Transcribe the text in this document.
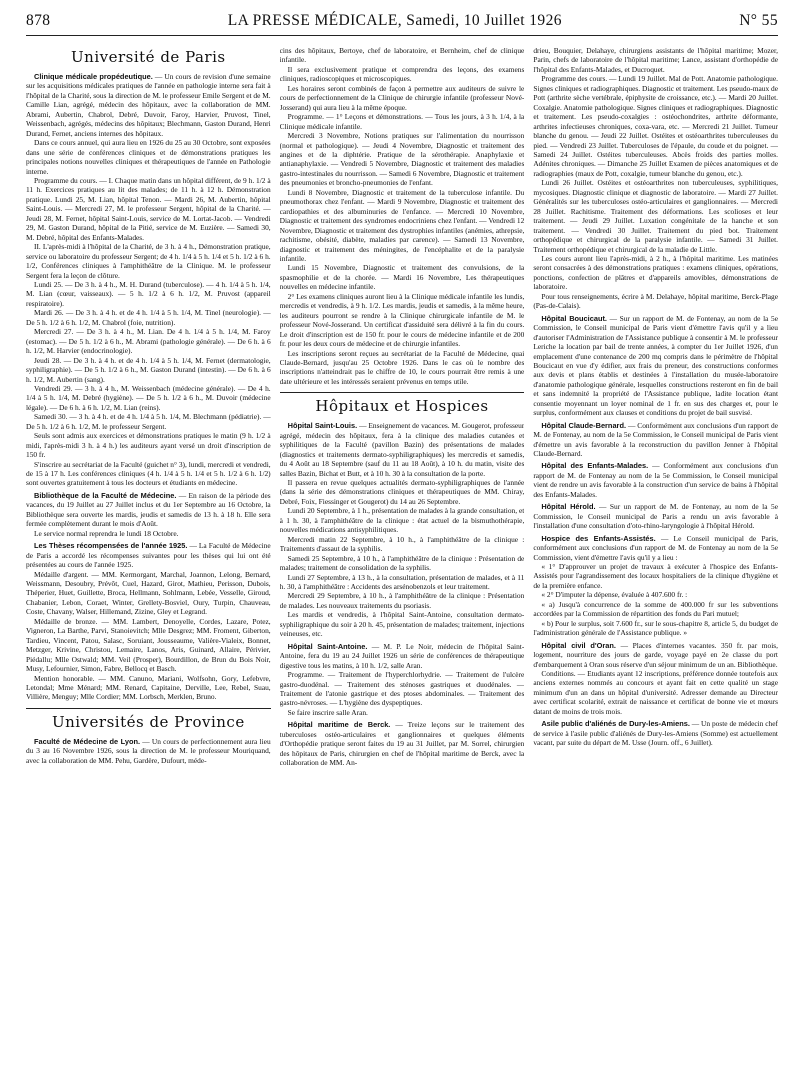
878	LA PRESSE MÉDICALE, Samedi, 10 Juillet 1926	N° 55
Université de Paris

Clinique médicale propédeutique. — Un cours de revision d'une semaine sur les acquisitions médicales pratiques de l'année en pathologie interne sera fait à l'hôpital de la Charité, sous la direction de M. le professeur Emile Sergent et de M. Camille Lian, agrégé, médecin des hôpitaux, avec la collaboration de MM. Abrami, Aubertin, Chabrol, Debré, Duvoir, Faroy, Harvier, Pruvost, Tinel, Weissenbach, agrégés, médecins des hôpitaux; Blechmann, Gaston Durand, Henri Durand, Fernet, anciens internes des hôpitaux.

Dans ce cours annuel, qui aura lieu en 1926 du 25 au 30 Octobre, sont exposées dans une série de conférences cliniques et de démonstrations pratiques les principales notions nouvelles cliniques et thérapeutiques de l'année en Pathologie interne.

Programme du cours. — I. Chaque matin dans un hôpital différent, de 9 h. 1/2 à 11 h. Exercices pratiques au lit des malades; de 11 h. à 12 h. Démonstration pratique. Lundi 25, M. Lian, hôpital Tenon. — Mardi 26, M. Aubertin, hôpital Saint-Louis. — Mercredi 27, M. le professeur Sergent, hôpital de la Charité. — Jeudi 28, M. Fernet, hôpital Saint-Louis, service de M. Lortat-Jacob. — Vendredi 29, M. Gaston Durand, hôpital de la Pitié, service de M. Euzière. — Samedi 30, M. Debré, hôpital des Enfants-Malades.

II. L'après-midi à l'hôpital de la Charité, de 3 h. à 4 h., Démonstration pratique, service ou laboratoire du professeur Sergent; de 4 h. 1/4 à 5 h. 1/4 et 5 h. 1/2 à 6 h. 1/2, Conférences cliniques à l'amphithéâtre de la Clinique. M. le professeur Sergent fera la leçon de clôture.

Lundi 25. — De 3 h. à 4 h., M. H. Durand (tuberculose). — 4 h. 1/4 à 5 h. 1/4, M. Lian (cœur, vaisseaux). — 5 h. 1/2 à 6 h. 1/2, M. Pruvost (appareil respiratoire).

Mardi 26. — De 3 h. à 4 h. et de 4 h. 1/4 à 5 h. 1/4, M. Tinel (neurologie). — De 5 h. 1/2 à 6 h. 1/2, M. Chabrol (foie, nutrition).

Mercredi 27. — De 3 h. à 4 h., M. Lian. De 4 h. 1/4 à 5 h. 1/4, M. Faroy (estomac). — De 5 h. 1/2 à 6 h., M. Abrami (pathologie générale). — De 6 h. à 6 h. 1/2, M. Harvier (endocrinologie).

Jeudi 28. — De 3 h. à 4 h. et de 4 h. 1/4 à 5 h. 1/4, M. Fernet (dermatologie, syphiligraphie). — De 5 h. 1/2 à 6 h., M. Gaston Durand (intestin). — De 6 h. à 6 h. 1/2, M. Aubertin (sang).

Vendredi 29. — 3 h. à 4 h., M. Weissenbach (médecine générale). — De 4 h. 1/4 à 5 h. 1/4, M. Debré (hygiène). — De 5 h. 1/2 à 6 h., M. Duvoir (médecine légale). — De 6 h. à 6 h. 1/2, M. Lian (reins).

Samedi 30. — 3 h. à 4 h. et de 4 h. 1/4 à 5 h. 1/4, M. Blechmann (pédiatrie). — De 5 h. 1/2 à 6 h. 1/2, M. le professeur Sergent.

Seuls sont admis aux exercices et démonstrations pratiques le matin (9 h. 1/2 à midi, l'après-midi 3 h. à 4 h.) les auditeurs ayant versé un droit d'inscription de 150 fr.

S'inscrire au secrétariat de la Faculté (guichet n° 3), lundi, mercredi et vendredi, de 15 à 17 h. Les conférences cliniques (4 h. 1/4 à 5 h. 1/4 et 5 h. 1/2 à 6 h. 1/2) sont ouvertes gratuitement à tous les docteurs et étudiants en médecine.

Bibliothèque de la Faculté de Médecine. — En raison de la période des vacances, du 19 Juillet au 27 Juillet inclus et du 1er Septembre au 16 Octobre, la Bibliothèque sera ouverte les mardis, jeudis et samedis de 13 h. à 18 h. Elle sera fermée complètement durant le mois d'Août.

Le service normal reprendra le lundi 18 Octobre.

Les Thèses récompensées de l'année 1925. — La Faculté de Médecine de Paris a accordé les récompenses suivantes pour les thèses qui lui ont été présentées au cours de l'année 1925.

Médaille d'argent. — MM. Kermorgant, Marchal, Joannon, Lelong, Bernard, Weissmann, Desoubry, Prévôt, Cuel, Hazard, Girot, Mathieu, Perisson, Dubois, Théperier, Huet, Guillette, Broca, Hellmann, Sohlmann, Lebée, Vesselle, Giroud, Chabanier, Lebon, Coraet, Winter, Grellety-Bosviel, Oury, Turpin, Chauveau, Coste, Chavany, Walser, Hillemand, Zizine, Gley et Legrand.

Médaille de bronze. — MM. Lambert, Denoyelle, Cordes, Lazare, Potez, Vigneron, La Barthe, Parvi, Stanoievitch; Mlle Desgrez; MM. Froment, Giberton, Tardieu, Vincent, Patou, Salasc, Soruiant, Jousseaume, Valière-Vialeix, Bonnet, Metzger, Krivine, Christou, Lemaire, Lanos, Aris, Guinard, Allaire, Périvier, Piédallu; Mlle Ostwald; MM. Veil (Prosper), Bourdillon, de Brun du Bois Noir, Musy, Lefournier, Simon, Fabre, Bellocq et Basch.

Mention honorable. — MM. Canuno, Mariani, Wolfsohn, Gory, Lefebvre, Letondal; Mme Ménard; MM. Renard, Capitaine, Derville, Lee, Rebel, Suau, Villière, Menguy; Mlle Cordier; MM. Lorbsch, Merklen, Bruno.

Universités de Province

Faculté de Médecine de Lyon. — Un cours de perfectionnement aura lieu du 3 au 16 Novembre 1926, sous la direction de M. le professeur Mouriquand, avec la collaboration de MM. Pehu, Gardère, Dufourt, méde-

cins des hôpitaux, Bertoye, chef de laboratoire, et Bernheim, chef de clinique infantile.

Il sera exclusivement pratique et comprendra des leçons, des examens cliniques, radioscopiques et microscopiques.

Les horaires seront combinés de façon à permettre aux auditeurs de suivre le cours de perfectionnement de la Clinique de chirurgie infantile (professeur Nové-Josserand) qui aura lieu à la même époque.

Programme. — 1° Leçons et démonstrations. — Tous les jours, à 3 h. 1/4, à la Clinique médicale infantile.

Mercredi 3 Novembre, Notions pratiques sur l'alimentation du nourrisson (normal et pathologique). — Jeudi 4 Novembre, Diagnostic et traitement des angines et de la diphtérie. Pratique de la sérothérapie. Anaphylaxie et antianaphylaxie. — Vendredi 5 Novembre, Diagnostic et traitement des maladies gastro-intestinales du nourrisson. — Samedi 6 Novembre, Diagnostic et traitement des pneumonies et broncho-pneumonies de l'enfant.

Lundi 8 Novembre, Diagnostic et traitement de la tuberculose infantile. Du pneumothorax chez l'enfant. — Mardi 9 Novembre, Diagnostic et traitement des cardiopathies et des albuminuries de l'enfance. — Mercredi 10 Novembre, Diagnostic et traitement des syndromes endocriniens chez l'enfant. — Vendredi 12 Novembre, Diagnostic et traitement des dystrophies infantiles (anémies, athrepsie, rachitisme, obésité, diabète, maladies par carence). — Samedi 13 Novembre, diagnostic et traitement des méningites, de l'encéphalite et de la paralysie infantile.

Lundi 15 Novembre, Diagnostic et traitement des convulsions, de la spasmophilie et de la chorée. — Mardi 16 Novembre, Les thérapeutiques nouvelles en médecine infantile.

2° Les examens cliniques auront lieu à la Clinique médicale infantile les lundis, mercredis et vendredis, à 9 h. 1/2. Les mardis, jeudis et samedis, à la même heure, les auditeurs pourront se rendre à la Clinique chirurgicale infantile de M. le professeur Nové-Josserand. Un certificat d'assiduité sera délivré à la fin du cours. Le droit d'inscription est de 150 fr. pour le cours de médecine infantile et de 200 fr. pour les deux cours de médecine et de chirurgie infantiles.

Les inscriptions seront reçues au secrétariat de la Faculté de Médecine, quai Claude-Bernard, jusqu'au 25 Octobre 1926. Dans le cas où le nombre des inscriptions n'atteindrait pas le chiffre de 10, le cours pourrait être remis à une date ultérieure et les intéressés seraient prévenus en temps utile.

Hôpitaux et Hospices

Hôpital Saint-Louis. — Enseignement de vacances. M. Gougerot, professeur agrégé, médecin des hôpitaux, fera à la clinique des maladies cutanées et syphilitiques de la Faculté (pavillon Bazin) des présentations de malades (diagnostics et traitements dermato-syphiligraphiques) les mercredis et samedis, du 4 Août au 18 Septembre (sauf du 11 au 18 Août), à 10 h. du matin, visite des salles Bazin, Bichat et Butt, et à 10 h. 30 à la consultation de la porte.

Il passera en revue quelques actualités dermato-syphiligraphiques de l'année (dans la série des démonstrations cliniques et thérapeutiques de MM. Chiray, Debré, Foix, Fiessinger et Gougerot) du 14 au 26 Septembre.

Lundi 20 Septembre, à 1 h., présentation de malades à la grande consultation, et à 1 h. 30, à l'amphithéâtre de la clinique : état actuel de la bismuthothérapie, nouvelles médications antisyphilitiques.

Mercredi matin 22 Septembre, à 10 h., à l'amphithéâtre de la clinique : Traitements d'assaut de la syphilis.

Samedi 25 Septembre, à 10 h., à l'amphithéâtre de la clinique : Présentation de malades; traitement de consolidation de la syphilis.

Lundi 27 Septembre, à 13 h., à la consultation, présentation de malades, et à 11 h. 30, à l'amphithéâtre : Accidents des arsénobenzols et leur traitement.

Mercredi 29 Septembre, à 10 h., à l'amphithéâtre de la clinique : Présentation de malades. Les nouveaux traitements du psoriasis.

Les mardis et vendredis, à l'hôpital Saint-Antoine, consultation dermato-syphiligraphique du soir à 20 h. 45, présentation de malades; traitement, injections veineuses, etc.

Hôpital Saint-Antoine. — M. P. Le Noir, médecin de l'hôpital Saint-Antoine, fera du 19 au 24 Juillet 1926 un série de conférences de thérapeutique digestive tous les matins, à 10 h. 1/2, salle Aran.

Programme. — Traitement de l'hyperchlorhydrie. — Traitement de l'ulcère gastro-duodénal. — Traitement des sténoses gastriques et duodénales. — Traitement de l'atonie gastrique et des ptoses abdominales. — Traitement des gastro-névroses. — L'hygiène des dyspeptiques.

Se faire inscrire salle Aran.

Hôpital maritime de Berck. — Treize leçons sur le traitement des tuberculoses ostéo-articulaires et ganglionnaires et quelques éléments d'Orthopédie pratique seront faites du 19 au 31 Juillet, par M. Sorrel, chirurgien des hôpitaux de Paris, chirurgien en chef de l'hôpital maritime de Berck, avec la collaboration de MM. An-

drieu, Bouquier, Delahaye, chirurgiens assistants de l'hôpital maritime; Mozer, Parin, chefs de laboratoire de l'hôpital maritime; Lance, assistant d'orthopédie de l'hôpital des Enfants-Malades, et Ducroquet.

Programme des cours. — Lundi 19 Juillet. Mal de Pott. Anatomie pathologique. Signes cliniques et radiographiques. Diagnostic et traitement. Les pseudo-maux de Pott (arthrite sèche vertébrale, épiphysite de croissance, etc.). — Mardi 20 Juillet. Coxalgie. Anatomie pathologique. Signes cliniques et radiographiques. Diagnostic et traitement. Les pseudo-coxalgies : ostéochondrites, arthrite déformante, arthrites infectieuses chroniques, coxa-vara, etc. — Mercredi 21 Juillet. Tumeur blanche du genou. — Jeudi 22 Juillet. Ostéites et ostéoarthrites tuberculeuses du pied. — Vendredi 23 Juillet. Tuberculoses de l'épaule, du coude et du poignet. — Samedi 24 Juillet. Ostéites tuberculeuses. Abcès froids des parties molles. Adénites chroniques. — Dimanche 25 Juillet Examen de pièces anatomiques et de radiographies (maux de Pott, coxalgie, tumeur blanche du genou, etc.).

Lundi 26 Juillet. Ostéites et ostéoarthrites non tuberculeuses, syphilitiques, mycosiques. Diagnostic clinique et diagnostic de laboratoire. — Mardi 27 Juillet. Généralités sur les tuberculoses ostéo-articulaires et ganglionnaires. — Mercredi 28 Juillet. Rachitisme. Traitement des déformations. Les scolioses et leur traitement. — Jeudi 29 Juillet. Luxation congénitale de la hanche et son traitement. — Vendredi 30 Juillet. Traitement du pied bot. Traitement orthopédique et chirurgical de la paralysie infantile. — Samedi 31 Juillet. Traitement orthopédique et chirurgical de la maladie de Little.

Les cours auront lieu l'après-midi, à 2 h., à l'hôpital maritime. Les matinées seront consacrées à des démonstrations pratiques : examens cliniques, opérations, ponctions, confection de plâtres et d'appareils amovibles, démonstrations de laboratoire.

Pour tous renseignements, écrire à M. Delahaye, hôpital maritime, Berck-Plage (Pas-de-Calais).

Hôpital Boucicaut. — Sur un rapport de M. de Fontenay, au nom de la 5e Commission, le Conseil municipal de Paris vient d'émettre l'avis qu'il y a lieu d'autoriser l'Administration de l'Assistance publique à consentir à M. le professeur Leriche la location par bail de trente années, à compter du 1er Juillet 1926, d'un emplacement d'une contenance de 200 mq compris dans le périmètre de l'hôpital Boucicaut en vue d'y édifier, aux frais du preneur, des constructions conformes aux devis et plans établis et destinées à l'installation du musée-laboratoire d'anatomie pathologique générale, lesquelles constructions resteront en fin de bail et sans indemnité la propriété de l'Assistance publique, ladite location étant consentie moyennant un loyer nominal de 1 fr. en sus des charges et, pour le surplus, conformément aux clauses et conditions du projet de bail susvisé.

Hôpital Claude-Bernard. — Conformément aux conclusions d'un rapport de M. de Fontenay, au nom de la 5e Commission, le Conseil municipal de Paris vient d'émettre un avis favorable à la reconstruction du pavillon Jenner à l'hôpital Claude-Bernard.

Hôpital des Enfants-Malades. — Conformément aux conclusions d'un rapport de M. de Fontenay au nom de la 5e Commission, le Conseil municipal vient de rendre un avis favorable à la construction d'un service de bains à l'hôpital des Enfants-Malades.

Hôpital Hérold. — Sur un rapport de M. de Fontenay, au nom de la 5e Commission, le Conseil municipal de Paris a rendu un avis favorable à l'installation d'une consultation d'oto-rhino-laryngologie à l'hôpital Hérold.

Hospice des Enfants-Assistés. — Le Conseil municipal de Paris, conformément aux conclusions d'un rapport de M. de Fontenay au nom de la 5e Commission, vient d'émettre l'avis qu'il y a lieu :

« 1° D'approuver un projet de travaux à exécuter à l'hospice des Enfants-Assistés pour l'agrandissement des locaux hospitaliers de la clinique d'hygiène et de la première enfance.

« 2° D'imputer la dépense, évaluée à 407.600 fr. :

« a) Jusqu'à concurrence de la somme de 400.000 fr sur les subventions accordées par la Commission de répartition des fonds du Pari mutuel;

« b) Pour le surplus, soit 7.600 fr., sur le sous-chapitre 8, article 5, du budget de l'administration générale de l'Assistance publique. »

Hôpital civil d'Oran. — Places d'internes vacantes. 350 fr. par mois, logement, nourriture des jours de garde, voyage payé en 2e classe du port d'embarquement à Oran sous réserve d'un séjour minimum de un an. Bibliothèque.

Conditions. — Etudiants ayant 12 inscriptions, préférence donnée toutefois aux anciens externes nommés au concours et ayant fait en cette qualité un stage minimum d'un an dans un hôpital d'université. Adresser demande au Directeur avec certificat scolarité, extrait de naissance et certificat de bonne vie et mœurs datant de moins de trois mois.

Asile public d'aliénés de Dury-les-Amiens. — Un poste de médecin chef de service à l'asile public d'aliénés de Dury-les-Amiens (Somme) est actuellement vacant, par suite du départ de M. Usse (Journ. off., 6 Juillet).
